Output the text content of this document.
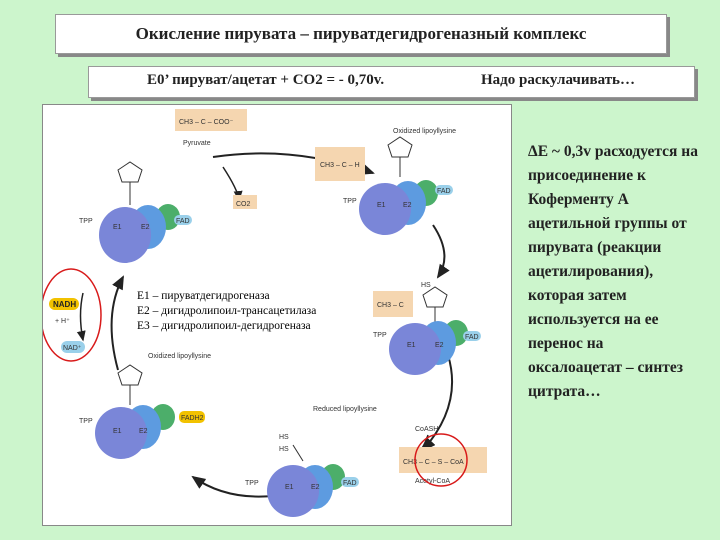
Окисление пирувата – пируватдегидрогеназный комплекс
E0’ пируват/ацетат + CO2 = - 0,70v.	Надо раскулачивать…
CH3 – C – COO⁻
Pyruvate
CO2
FAD
TPP
E1	E2
CH3 – C – H
Oxidized lipoyllysine
FAD
TPP
E1 E2
CH3 – C
HS
FAD
TPP
E1	E2
Reduced lipoyllysine
HS
HS
FAD
TPP
E1 E2
CoASH
CH3 – C – S – CoA
Acetyl-CoA
Oxidized lipoyllysine
FADH2
TPP
E1 E2
NADH
+ H⁺
NAD⁺
E1 – пируватдегидрогеназа
E2 – дигидролипоил-трансацетилаза
E3 – дигидролипоил-дегидрогеназа
ΔЕ ~ 0,3v расходуется на присоединение к Коферменту А ацетильной группы от пирувата (реакции ацетилирования), которая затем используется на ее перенос на оксалоацетат – синтез цитрата…
